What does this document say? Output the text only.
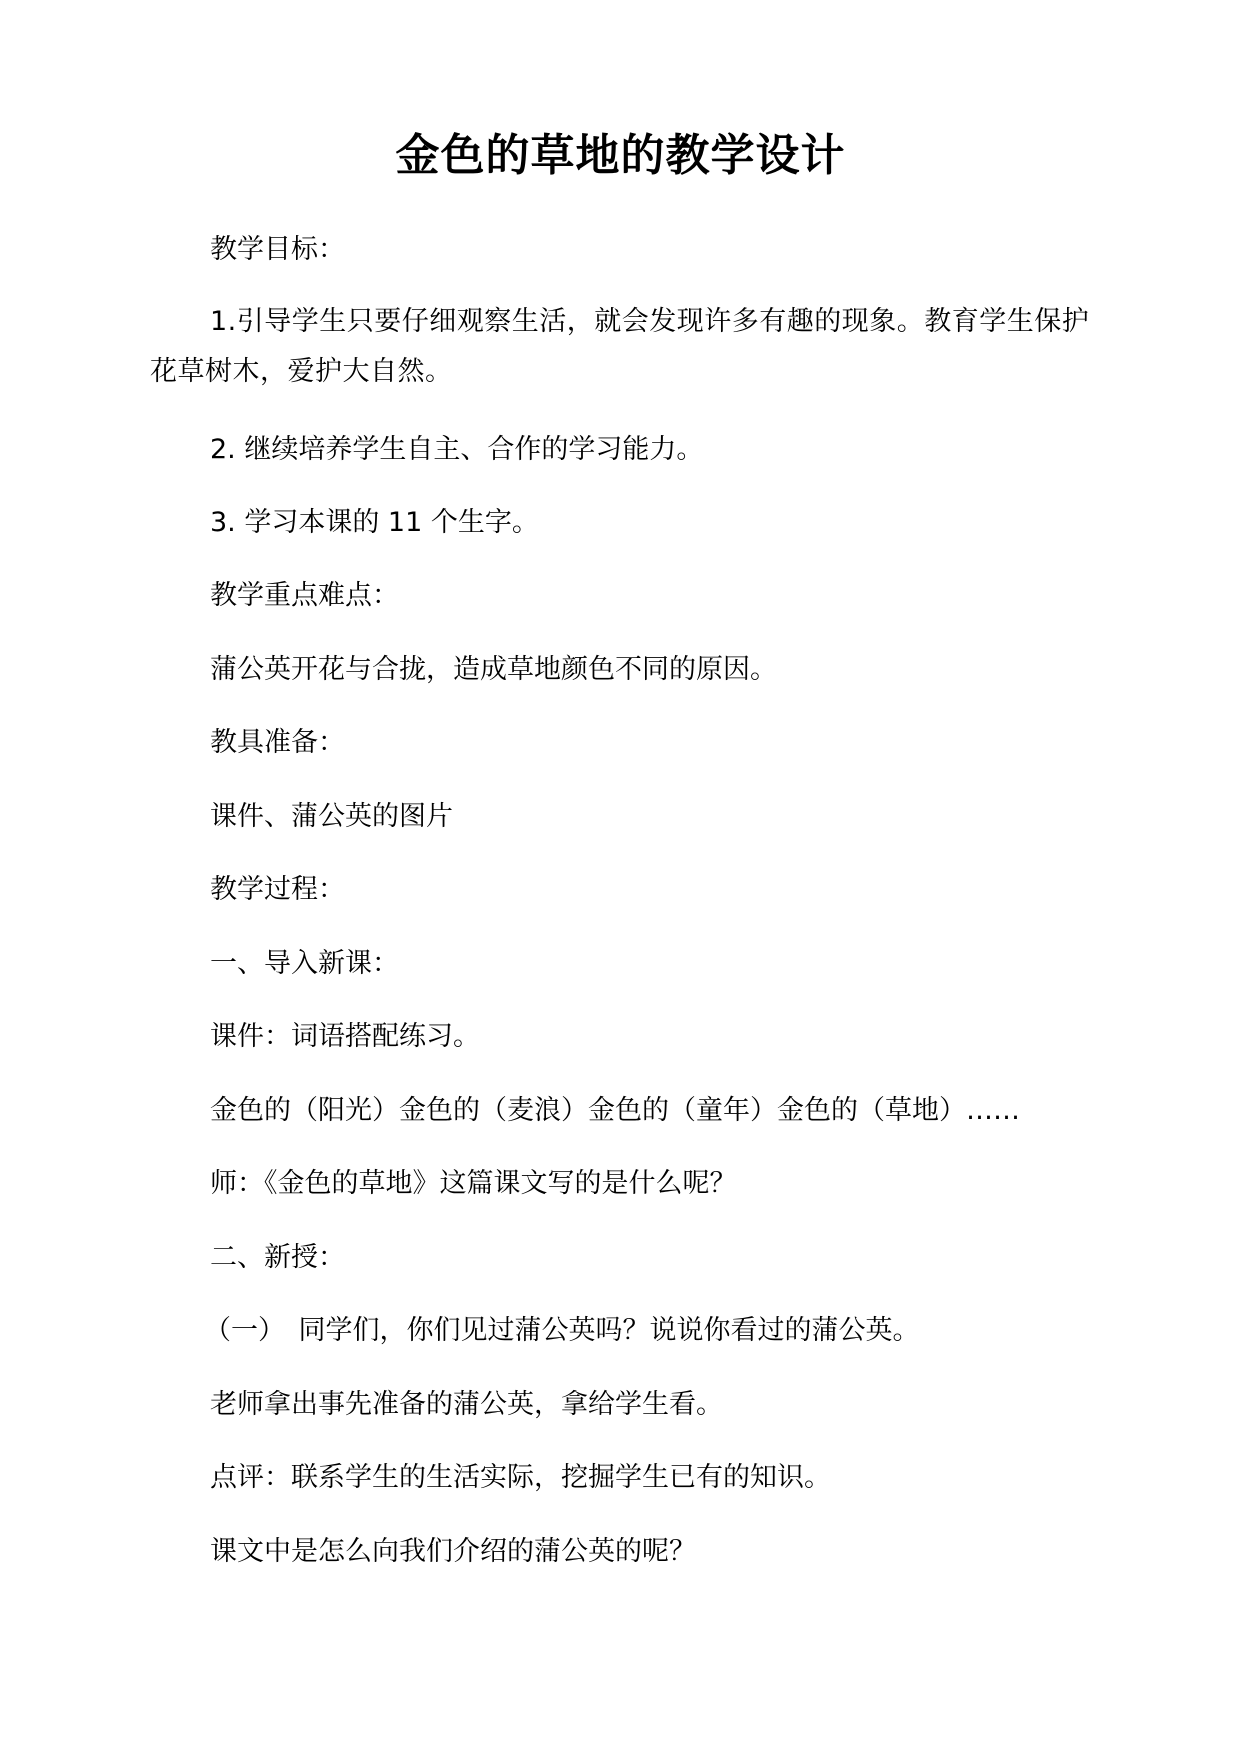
金色的草地的教学设计
教学目标：
1.引导学生只要仔细观察生活，就会发现许多有趣的现象。教育学生保护花草树木，爱护大自然。
2. 继续培养学生自主、合作的学习能力。
3. 学习本课的 11 个生字。
教学重点难点：
蒲公英开花与合拢，造成草地颜色不同的原因。
教具准备：
课件、蒲公英的图片
教学过程：
一、导入新课：
课件：词语搭配练习。
金色的（阳光）金色的（麦浪）金色的（童年）金色的（草地）……
师：《金色的草地》这篇课文写的是什么呢？
二、新授：
（一）　同学们，你们见过蒲公英吗？说说你看过的蒲公英。
老师拿出事先准备的蒲公英，拿给学生看。
点评：联系学生的生活实际，挖掘学生已有的知识。
课文中是怎么向我们介绍的蒲公英的呢？
